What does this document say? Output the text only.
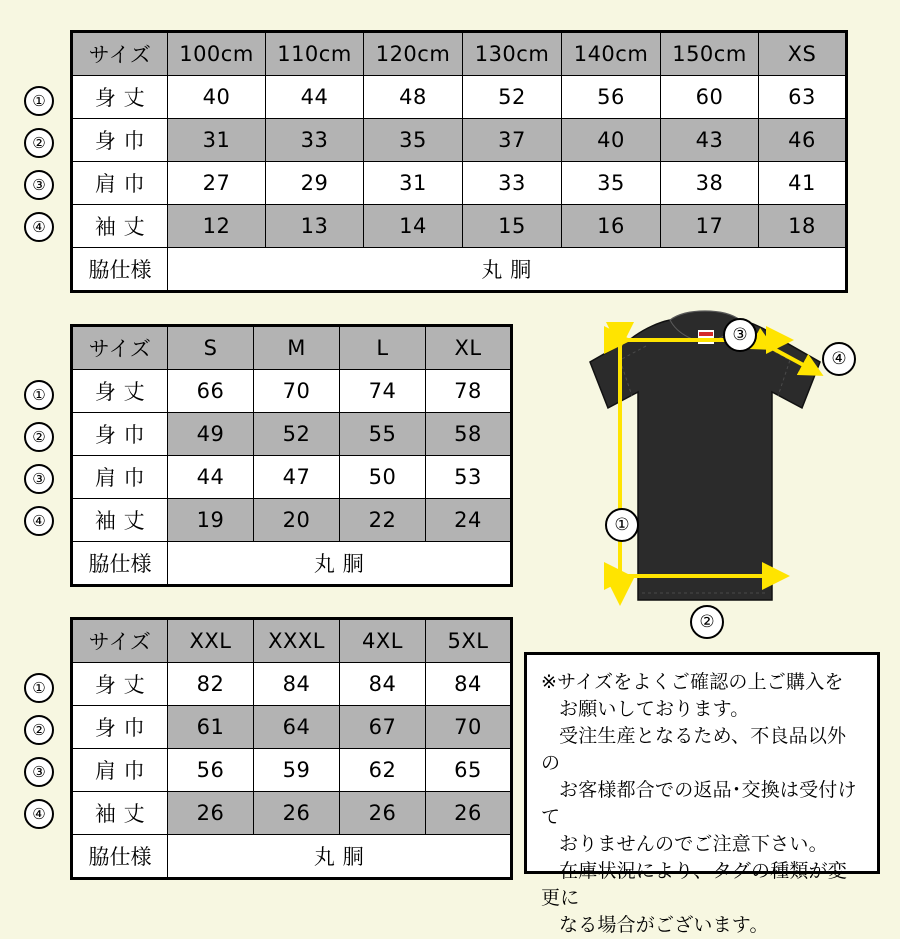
サイズ	100cm	110cm	120cm	130cm	140cm	150cm	XS
身 丈	40	44	48	52	56	60	63
身 巾	31	33	35	37	40	43	46
肩 巾	27	29	31	33	35	38	41
袖 丈	12	13	14	15	16	17	18
脇仕様	丸 胴						
①
②
③
④
サイズ	S	M	L	XL
身 丈	66	70	74	78
身 巾	49	52	55	58
肩 巾	44	47	50	53
袖 丈	19	20	22	24
脇仕様	丸 胴			
①
②
③
④
サイズ	XXL	XXXL	4XL	5XL
身 丈	82	84	84	84
身 巾	61	64	67	70
肩 巾	56	59	62	65
袖 丈	26	26	26	26
脇仕様	丸 胴			
①
②
③
④
③
④
①
②

※サイズをよくご確認の上ご購入を

お願いしております。

受注生産となるため、不良品以外の

お客様都合での返品･交換は受付けて

おりませんのでご注意下さい。

在庫状況により、タグの種類が変更に

なる場合がございます。
